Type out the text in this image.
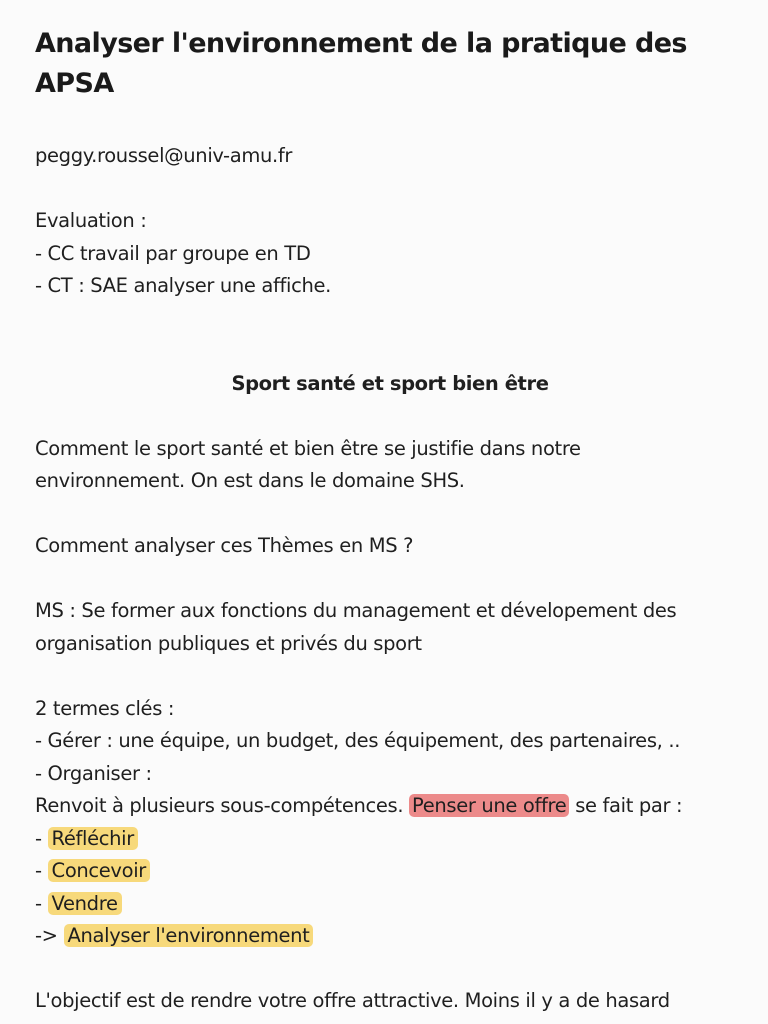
Analyser l'environnement de la pratique des APSA
peggy.roussel@univ-amu.fr
Evaluation :
- CC travail par groupe en TD
- CT : SAE analyser une affiche.
Sport santé et sport bien être
Comment le sport santé et bien être se justifie dans notre
environnement. On est dans le domaine SHS.
Comment analyser ces Thèmes en MS ?
MS : Se former aux fonctions du management et dévelopement des
organisation publiques et privés du sport
2 termes clés :
- Gérer : une équipe, un budget, des équipement, des partenaires, ..
- Organiser :
Renvoit à plusieurs sous-compétences. Penser une offre se fait par :
- Réfléchir
- Concevoir
- Vendre
-> Analyser l'environnement
L'objectif est de rendre votre offre attractive. Moins il y a de hasard
